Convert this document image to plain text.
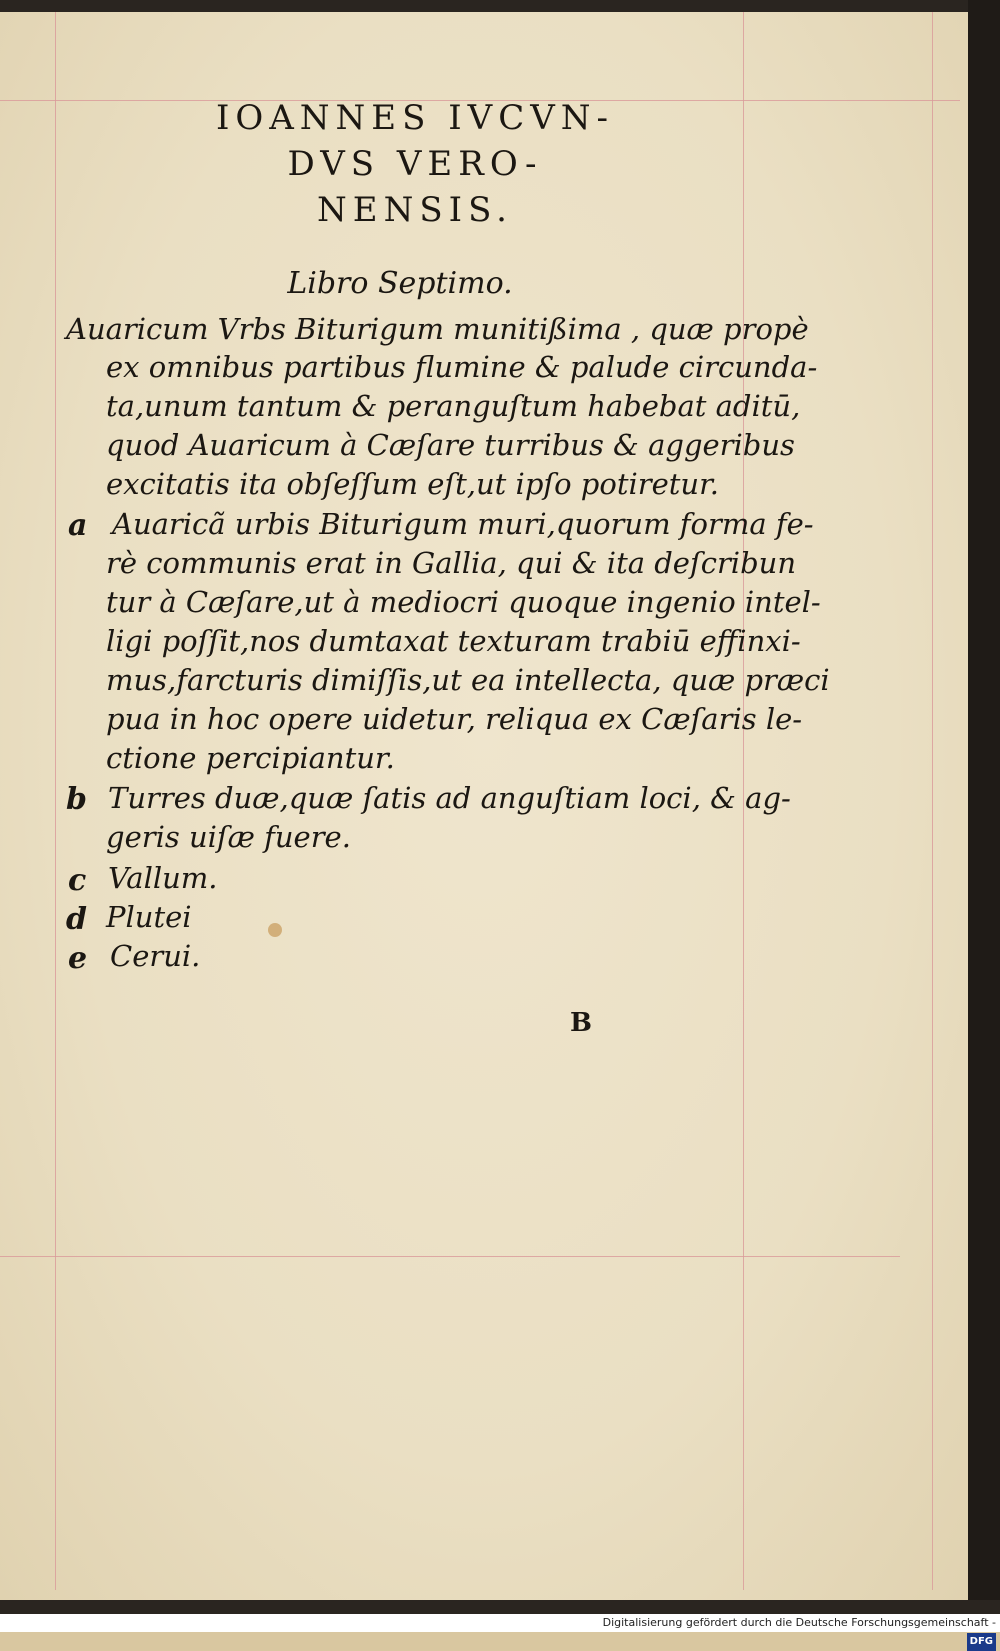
IOANNES IVCVN-
DVS VERO-
NENSIS.
Libro Septimo.
Auaricum Vrbs Biturigum munitißima , quæ propè
ex omnibus partibus flumine & palude circunda-
ta,unum tantum & peranguſtum habebat aditū,
quod Auaricum à Cæſare turribus & aggeribus
excitatis ita obſeſſum eſt,ut ipſo potiretur.
a Auaricã urbis Biturigum muri,quorum forma fe-
rè communis erat in Gallia, qui & ita deſcribun
tur à Cæſare,ut à mediocri quoque ingenio intel-
ligi poſſit,nos dumtaxat texturam trabiū effinxi-
mus,farcturis dimiſſis,ut ea intellecta, quæ præci
pua in hoc opere uidetur, reliqua ex Cæſaris le-
ctione percipiantur.
b Turres duæ,quæ ſatis ad anguſtiam loci, & ag-
geris uiſæ fuere.
c Vallum.
d Plutei
e Cerui.
B
Digitalisierung gefördert durch die Deutsche Forschungsgemeinschaft -DFG
